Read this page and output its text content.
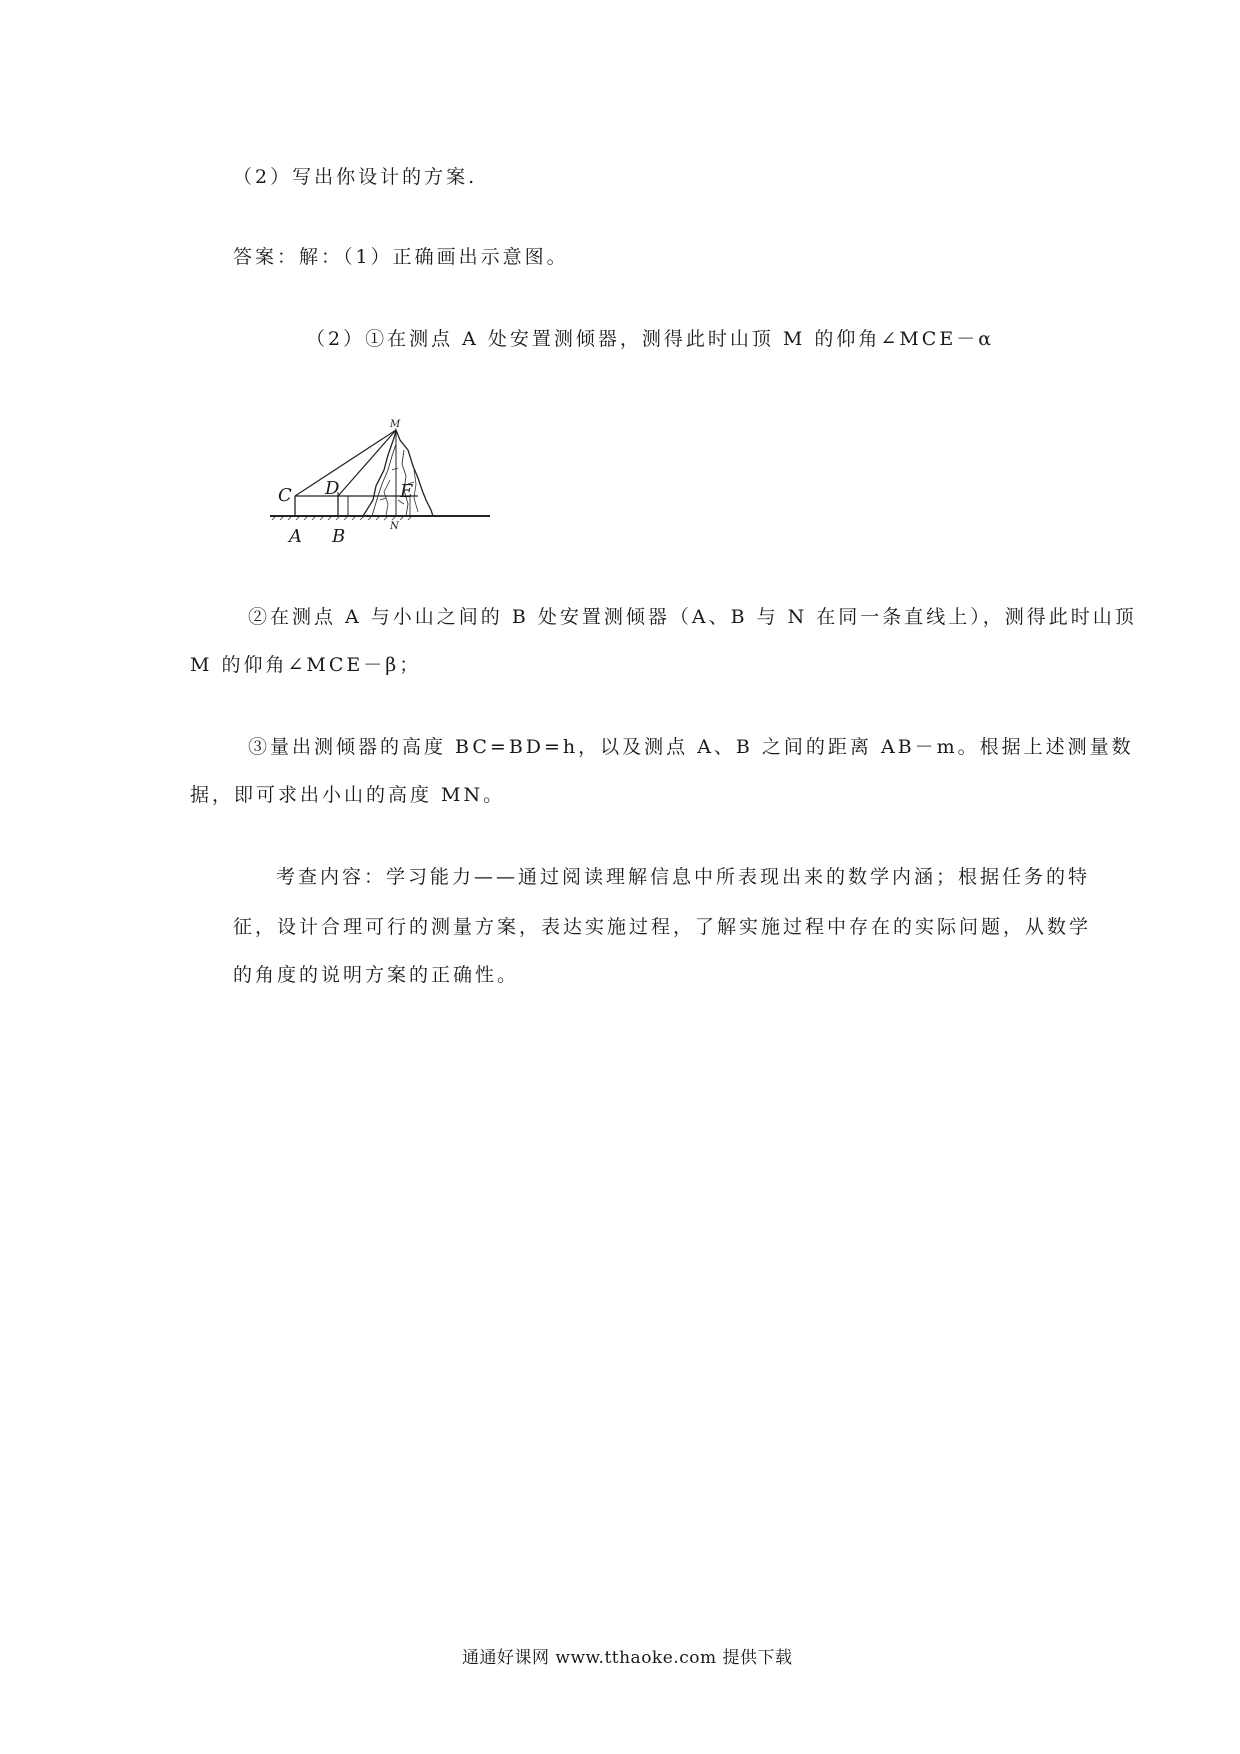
（2）写出你设计的方案.
答案：解：（1）正确画出示意图。
（2）①在测点 A 处安置测倾器，测得此时山顶 M 的仰角∠MCE－α
M
C D	E
A B	N
②在测点 A 与小山之间的 B 处安置测倾器（A、B 与 N 在同一条直线上），测得此时山顶
M 的仰角∠MCE－β；
③量出测倾器的高度 BC=BD=h，以及测点 A、B 之间的距离 AB－m。根据上述测量数
据，即可求出小山的高度 MN。
考查内容：学习能力——通过阅读理解信息中所表现出来的数学内涵；根据任务的特
征，设计合理可行的测量方案，表达实施过程，了解实施过程中存在的实际问题，从数学
的角度的说明方案的正确性。
通通好课网 www.tthaoke.com 提供下载
